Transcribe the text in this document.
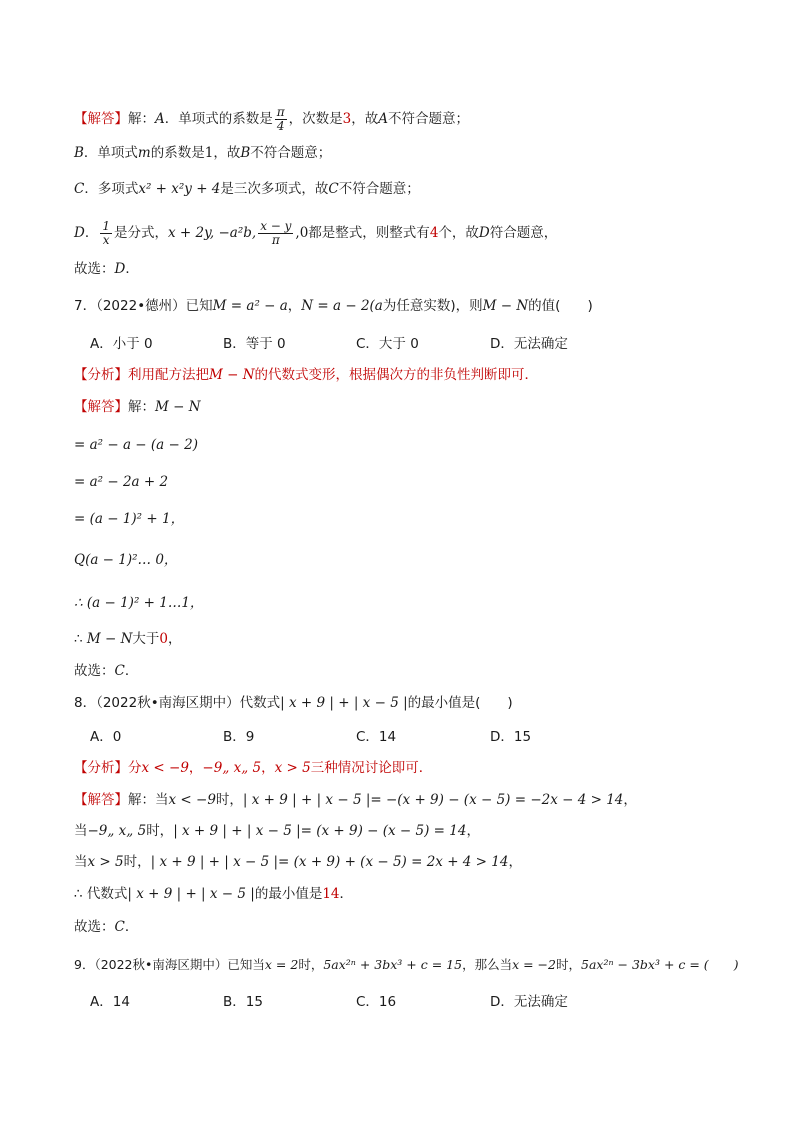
【解答】解：A．单项式的系数是 $\frac{\pi}{4}$ ，次数是3，故A不符合题意；
B．单项式m的系数是1，故B不符合题意；
C．多项式x² + x²y + 4是三次多项式，故C不符合题意；
D． $\frac{1}{x}$ 是分式，x + 2y, −a²b, $\frac{x - y}{\pi} ,0$都是整式，则整式有4个，故D符合题意，
故选：D．
7．（2022•德州）已知M = a² − a，N = a − 2(a为任意实数)，则M − N的值(　　)
A．小于 0	B．等于 0	C．大于 0	D．无法确定
【分析】利用配方法把M − N的代数式变形，根据偶次方的非负性判断即可．
【解答】解：M − N
= a² − a − (a − 2)
= a² − 2a + 2
= (a − 1)² + 1，
Q(a − 1)²… 0，
∴ (a − 1)² + 1…1，
∴ M − N大于0，
故选：C．
8．（2022秋•南海区期中）代数式| x + 9 | + | x − 5 |的最小值是(　　)
A．0	B．9	C．14	D．15
【分析】分x < −9，−9„ x„ 5，x > 5三种情况讨论即可．
【解答】解：当x < −9时，| x + 9 | + | x − 5 |= −(x + 9) − (x − 5) = −2x − 4 > 14，
当−9„ x„ 5时，| x + 9 | + | x − 5 |= (x + 9) − (x − 5) = 14，
当x > 5时，| x + 9 | + | x − 5 |= (x + 9) + (x − 5) = 2x + 4 > 14，
∴ 代数式| x + 9 | + | x − 5 |的最小值是14．
故选：C．
9．（2022秋•南海区期中）已知当x = 2时，5ax²ⁿ + 3bx³ + c = 15，那么当x = −2时，5ax²ⁿ − 3bx³ + c = (　　)
A．14	B．15	C．16	D．无法确定
